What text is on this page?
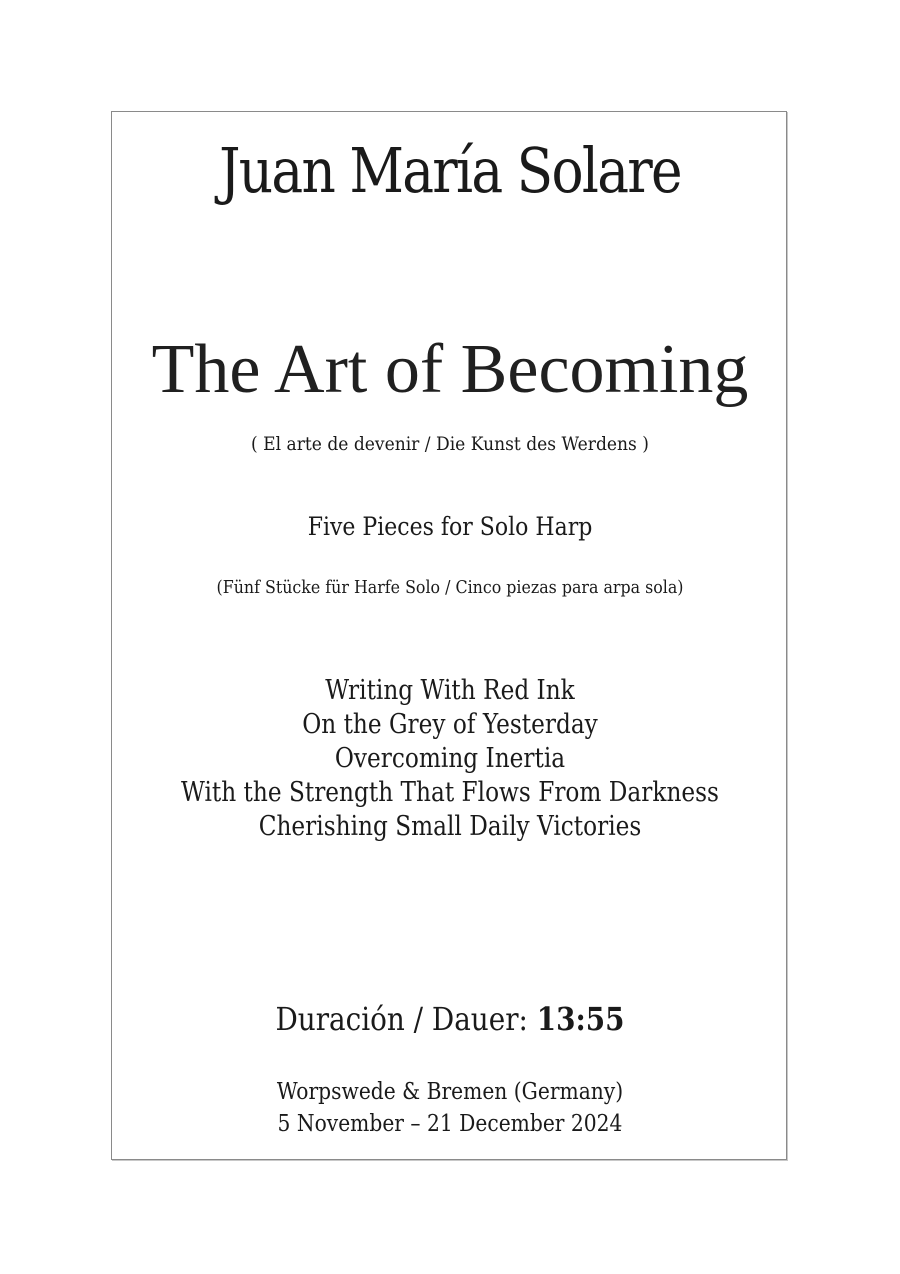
Juan María Solare
The Art of Becoming
( El arte de devenir / Die Kunst des Werdens )
Five Pieces for Solo Harp
(Fünf Stücke für Harfe Solo / Cinco piezas para arpa sola)
Writing With Red Ink
On the Grey of Yesterday
Overcoming Inertia
With the Strength That Flows From Darkness
Cherishing Small Daily Victories
Duración / Dauer: 13:55
Worpswede & Bremen (Germany)
5 November – 21 December 2024
